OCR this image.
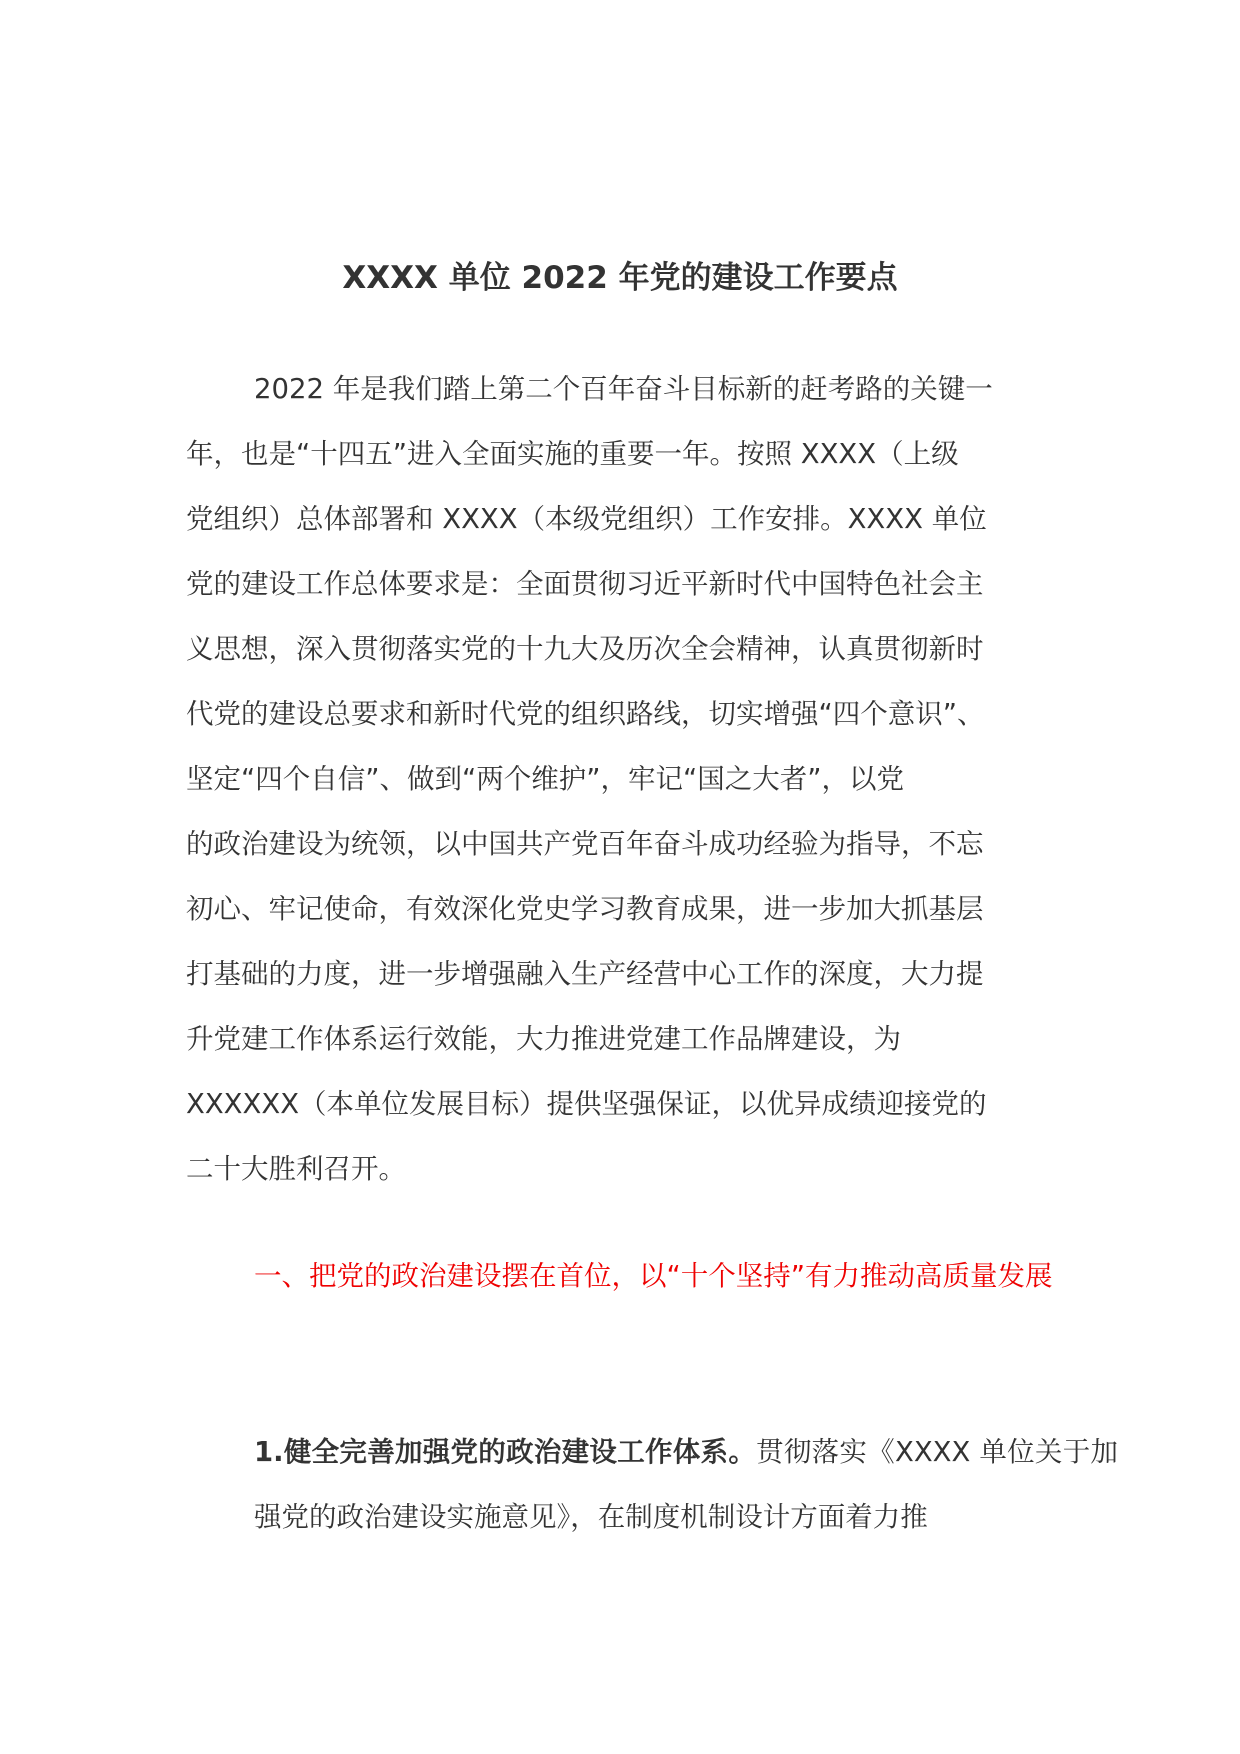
XXXX 单位 2022 年党的建设工作要点
2022 年是我们踏上第二个百年奋斗目标新的赶考路的关键一
年，也是“十四五”进入全面实施的重要一年。按照 XXXX（上级
党组织）总体部署和 XXXX（本级党组织）工作安排。XXXX 单位
党的建设工作总体要求是：全面贯彻习近平新时代中国特色社会主
义思想，深入贯彻落实党的十九大及历次全会精神，认真贯彻新时
代党的建设总要求和新时代党的组织路线，切实增强“四个意识”、
坚定“四个自信”、做到“两个维护”，牢记“国之大者”，以党
的政治建设为统领，以中国共产党百年奋斗成功经验为指导，不忘
初心、牢记使命，有效深化党史学习教育成果，进一步加大抓基层
打基础的力度，进一步增强融入生产经营中心工作的深度，大力提
升党建工作体系运行效能，大力推进党建工作品牌建设，为
XXXXXX（本单位发展目标）提供坚强保证，以优异成绩迎接党的
二十大胜利召开。

一、把党的政治建设摆在首位，以“十个坚持”有力推动高质量发展

1.健全完善加强党的政治建设工作体系。贯彻落实《XXXX 单位关于加强党的政治建设实施意见》，在制度机制设计方面着力推
